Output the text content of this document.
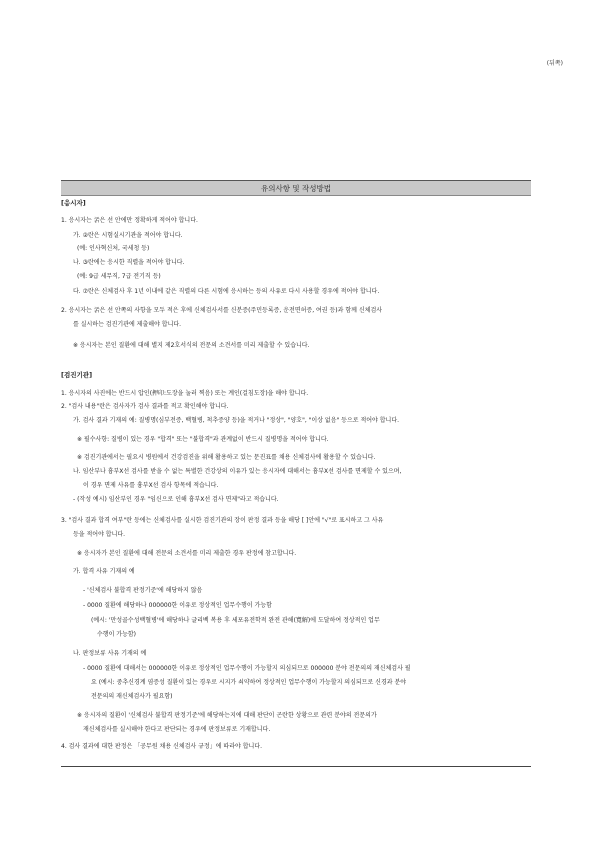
(뒤쪽)
유의사항 및 작성방법
[응시자]
1. 응시자는 굵은 선 안에만 정확하게 적어야 합니다.
가. ②란은 시험실시기관을 적어야 합니다.
(예: 인사혁신처, 국세청 등)
나. ③란에는 응시한 직렬을 적어야 합니다.
(예: 9급 세무직, 7급 전기직 등)
다. ⑦란은 신체검사 후 1년 이내에 같은 직렬의 다른 시험에 응시하는 등의 사유로 다시 사용할 경우에 적어야 합니다.
2. 응시자는 굵은 선 안쪽의 사항을 모두 적은 후에 신체검사서를 신분증(주민등록증, 운전면허증, 여권 등)과 함께 신체검사
를 실시하는 검진기관에 제출해야 합니다.
※ 응시자는 본인 질환에 대해 별지 제2호서식의 전문의 소견서를 미리 제출할 수 있습니다.
[검진기관]
1. 응시자의 사진에는 반드시 압인(押印:도장을 눌러 찍음) 또는 계인(걸침도장)을 해야 합니다.
2. "검사 내용"란은 검사자가 검사 결과를 적고 확인해야 합니다.
가. 검사 결과 기재의 예: 질병명(심부전증, 백혈병, 척추증양 등)을 적거나 "정상", "양호", "이상 없음" 등으로 적어야 합니다.
※ 필수사항: 질병이 있는 경우 "합격" 또는 "불합격"과 관계없이 반드시 질병명을 적어야 합니다.
※ 검진기관에서는 필요시 병원에서 건강검진을 위해 활용하고 있는 문진표를 채용 신체검사에 활용할 수 있습니다.
나. 임산부나 흉부X선 검사를 받을 수 없는 특별한 건강상의 이유가 있는 응시자에 대해서는 흉부X선 검사를 면제할 수 있으며,
이 경우 면제 사유를 흉부X선 검사 항목에 적습니다.
- (작성 예시) 임산부인 경우 "임신으로 인해 흉부X선 검사 면제"라고 적습니다.
3. "검사 결과 합격 여부"란 등에는 신체검사를 실시한 검진기관의 장이 판정 결과 등을 해당 [ ]안에 "√"로 표시하고 그 사유
등을 적어야 합니다.
※ 응시자가 본인 질환에 대해 전문의 소견서를 미리 제출한 경우 판정에 참고합니다.
가. 합격 사유 기재의 예
- '신체검사 불합격 판정기준'에 해당하지 않음
- 0000 질환에 해당하나 000000한 이유로 정상적인 업무수행이 가능함
(예시: '만성골수성백혈병'에 해당하나 글리벡 복용 후 세포유전학적 완전 관해(寬解)에 도달하여 정상적인 업무
수행이 가능함)
나. 판정보류 사유 기재의 예
- 0000 질환에 대해서는 000000한 이유로 정상적인 업무수행이 가능할지 의심되므로 000000 분야 전문의의 재신체검사 필
요 (예시: 중추신경계 염증성 질환이 있는 경우로 시지가 쇠약하여 정상적인 업무수행이 가능할지 의심되므로 신경과 분야
전문의의 재신체검사가 필요함)
※ 응시자의 질환이 '신체검사 불합격 판정기준'에 해당하는지에 대해 판단이 곤란한 상황으로 관련 분야의 전문의가
재신체검사를 실시해야 한다고 판단되는 경우에 판정보류로 기재합니다.
4. 검사 결과에 대한 판정은 「공무원 채용 신체검사 규정」에 따라야 합니다.
